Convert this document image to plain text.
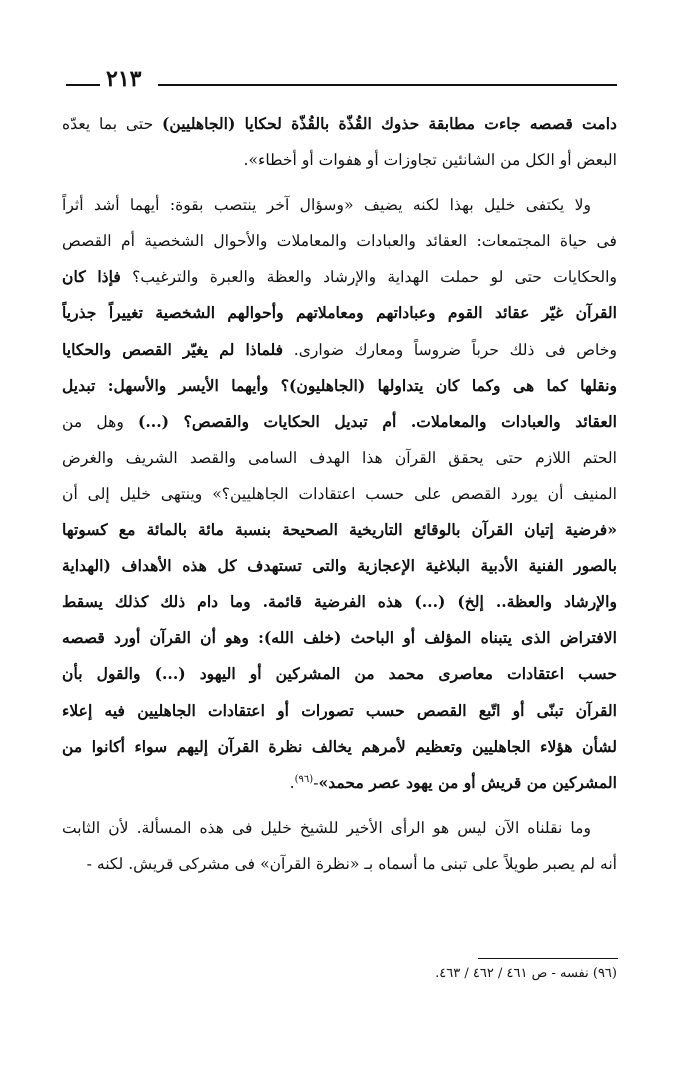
٢١٣
دامت قصصه جاءت مطابقة حذوك القُذّة بالقُذّة لحكايا (الجاهليين) حتى بما يعدّه
البعض أو الكل من الشانئين تجاوزات أو هفوات أو أخطاء».
ولا يكتفى خليل بهذا لكنه يضيف «وسؤال آخر ينتصب بقوة: أيهما أشد أثراً
فى حياة المجتمعات: العقائد والعبادات والمعاملات والأحوال الشخصية أم القصص
والحكايات حتى لو حملت الهداية والإرشاد والعظة والعبرة والترغيب؟ فإذا كان
القرآن غيّر عقائد القوم وعباداتهم ومعاملاتهم وأحوالهم الشخصية تغييراً جذرياً
وخاص فى ذلك حرباً ضروساً ومعارك ضوارى. فلماذا لم يغيّر القصص والحكايا
ونقلها كما هى وكما كان يتداولها (الجاهليون)؟ وأيهما الأيسر والأسهل: تبديل
العقائد والعبادات والمعاملات. أم تبديل الحكايات والقصص؟ (...) وهل من
الحتم اللازم حتى يحقق القرآن هذا الهدف السامى والقصد الشريف والغرض
المنيف أن يورد القصص على حسب اعتقادات الجاهليين؟» وينتهى خليل إلى أن
«فرضية إتيان القرآن بالوقائع التاريخية الصحيحة بنسبة مائة بالمائة مع كسوتها
بالصور الفنية الأدبية البلاغية الإعجازية والتى تستهدف كل هذه الأهداف (الهداية
والإرشاد والعظة.. إلخ) (...) هذه الفرضية قائمة. وما دام ذلك كذلك يسقط
الافتراض الذى يتبناه المؤلف أو الباحث (خلف الله): وهو أن القرآن أورد قصصه
حسب اعتقادات معاصرى محمد من المشركين أو اليهود (...) والقول بأن
القرآن تبنّى أو اتّبع القصص حسب تصورات أو اعتقادات الجاهليين فيه إعلاء
لشأن هؤلاء الجاهليين وتعظيم لأمرهم يخالف نظرة القرآن إليهم سواء أكانوا من
المشركين من قريش أو من يهود عصر محمد»-$^{(٩٦)}$.
وما نقلناه الآن ليس هو الرأى الأخير للشيخ خليل فى هذه المسألة. لأن الثابت
أنه لم يصبر طويلاً على تبنى ما أسماه بـ «نظرة القرآن» فى مشركى قريش. لكنه -
(٩٦) نفسه - ص ٤٦١ / ٤٦٢ / ٤٦٣.
